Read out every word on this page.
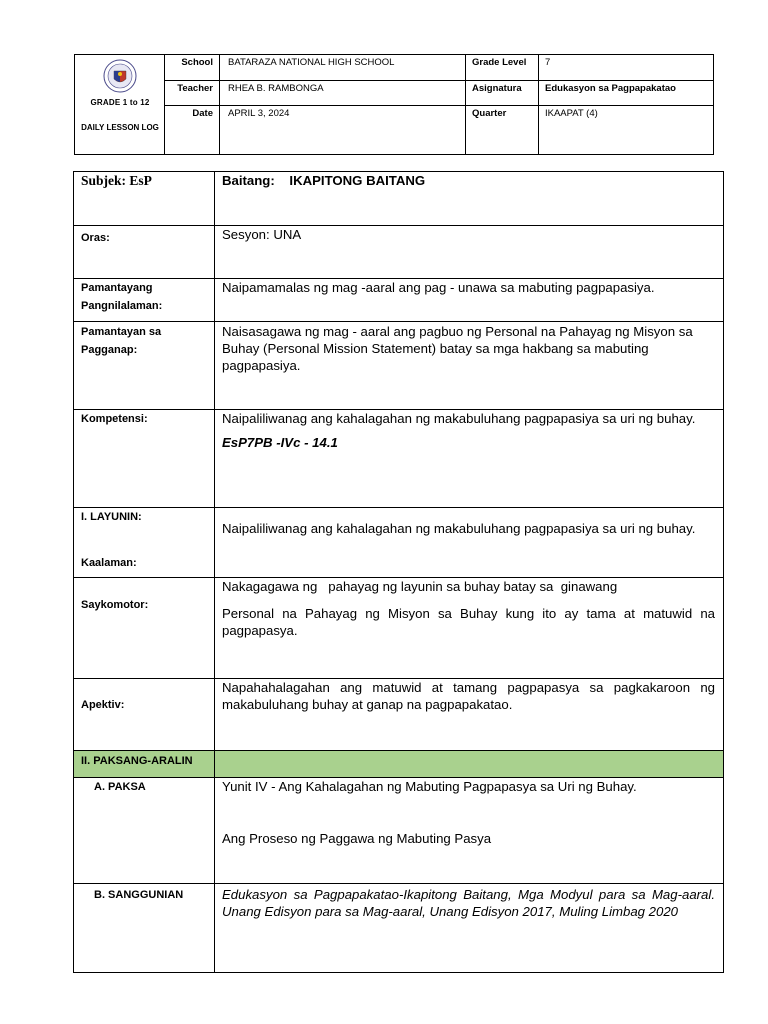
GRADE 1 to 12
DAILY LESSON LOG
School	BATARAZA NATIONAL HIGH SCHOOL	Grade Level	7
Teacher	RHEA B. RAMBONGA	Asignatura	Edukasyon sa Pagpapakatao
Date	APRIL 3, 2024	Quarter	IKAAPAT (4)
Subjek: EsP	Baitang: IKAPITONG BAITANG
Oras:	Sesyon: UNA
Pamantayang Pangnilalaman:
Naipamamalas ng mag -aaral ang pag - unawa sa mabuting pagpapasiya.
Pamantayan sa Pagganap:
Naisasagawa ng mag - aaral ang pagbuo ng Personal na Pahayag ng Misyon sa Buhay (Personal Mission Statement) batay sa mga hakbang sa mabuting pagpapasiya.
Kompetensi:	Naipaliliwanag ang kahalagahan ng makabuluhang pagpapasiya sa uri ng buhay.

EsP7PB -IVc - 14.1

I. LAYUNIN:
Kaalaman:
Naipaliliwanag ang kahalagahan ng makabuluhang pagpapasiya sa uri ng buhay.
Saykomotor:

Nakagagawa ng   pahayag ng layunin sa buhay batay sa  ginawang

Personal na Pahayag ng Misyon sa Buhay kung ito ay tama at matuwid na pagpapasya.

Apektiv:
Napahahalagahan ang matuwid at tamang pagpapasya sa pagkakaroon ng makabuluhang buhay at ganap na pagpapakatao.
II. PAKSANG-ARALIN
A. PAKSA	Yunit IV - Ang Kahalagahan ng Mabuting Pagpapasya sa Uri ng Buhay.

Ang Proseso ng Paggawa ng Mabuting Pasya

B. SANGGUNIAN	Edukasyon sa Pagpapakatao-Ikapitong Baitang, Mga Modyul para sa Mag-aaral. Unang Edisyon para sa Mag-aaral, Unang Edisyon 2017, Muling Limbag 2020
